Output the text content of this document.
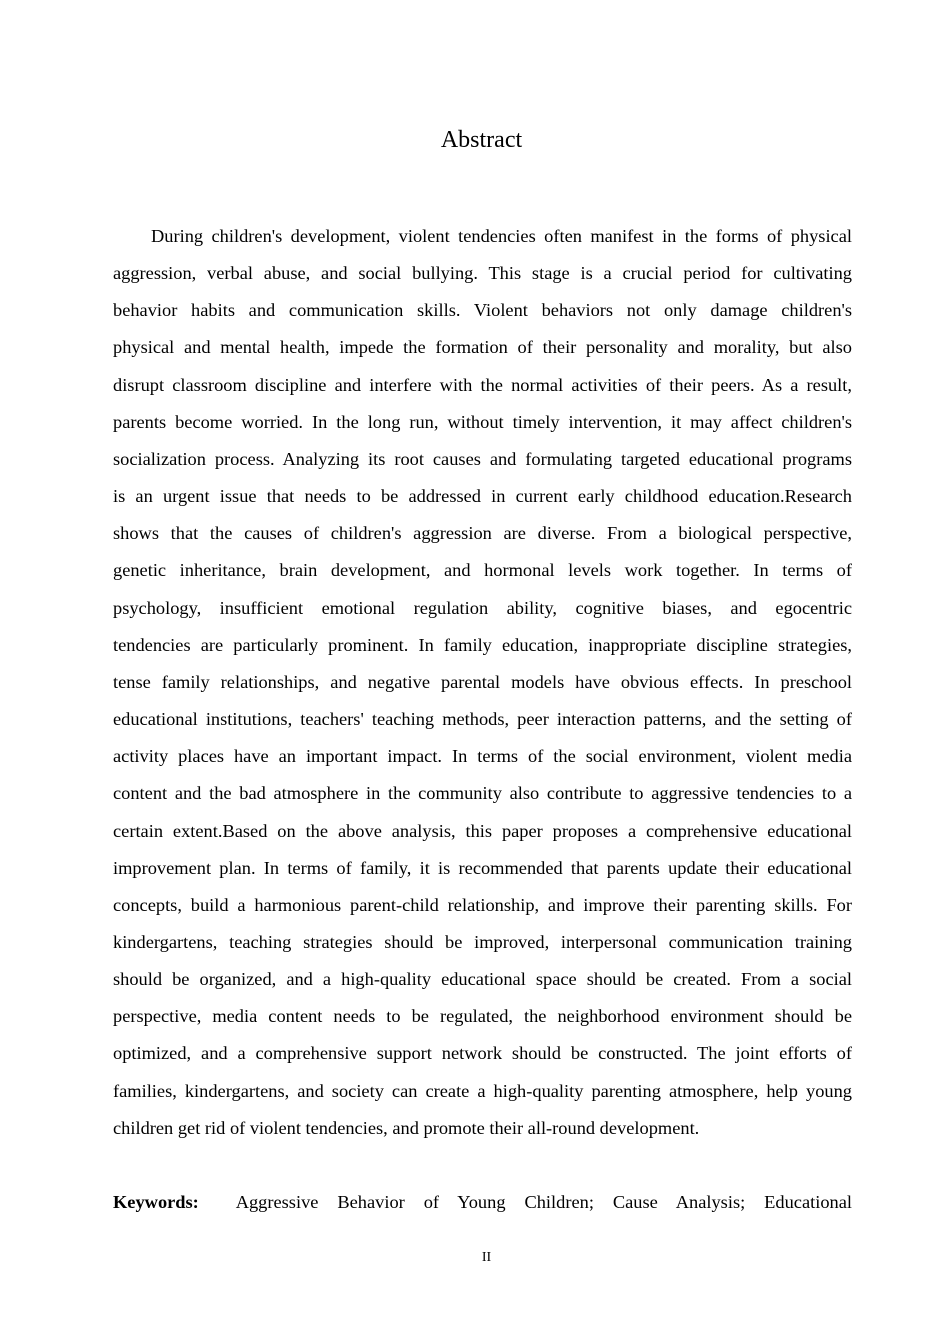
Abstract
During children's development, violent tendencies often manifest in the forms of physical
aggression, verbal abuse, and social bullying. This stage is a crucial period for cultivating
behavior habits and communication skills. Violent behaviors not only damage children's
physical and mental health, impede the formation of their personality and morality, but also
disrupt classroom discipline and interfere with the normal activities of their peers. As a result,
parents become worried. In the long run, without timely intervention, it may affect children's
socialization process. Analyzing its root causes and formulating targeted educational programs
is an urgent issue that needs to be addressed in current early childhood education.Research
shows that the causes of children's aggression are diverse. From a biological perspective,
genetic inheritance, brain development, and hormonal levels work together. In terms of
psychology, insufficient emotional regulation ability, cognitive biases, and egocentric
tendencies are particularly prominent. In family education, inappropriate discipline strategies,
tense family relationships, and negative parental models have obvious effects. In preschool
educational institutions, teachers' teaching methods, peer interaction patterns, and the setting of
activity places have an important impact. In terms of the social environment, violent media
content and the bad atmosphere in the community also contribute to aggressive tendencies to a
certain extent.Based on the above analysis, this paper proposes a comprehensive educational
improvement plan. In terms of family, it is recommended that parents update their educational
concepts, build a harmonious parent-child relationship, and improve their parenting skills. For
kindergartens, teaching strategies should be improved, interpersonal communication training
should be organized, and a high-quality educational space should be created. From a social
perspective, media content needs to be regulated, the neighborhood environment should be
optimized, and a comprehensive support network should be constructed. The joint efforts of
families, kindergartens, and society can create a high-quality parenting atmosphere, help young
children get rid of violent tendencies, and promote their all-round development.
Keywords: Aggressive Behavior of Young Children; Cause Analysis; Educational
II
